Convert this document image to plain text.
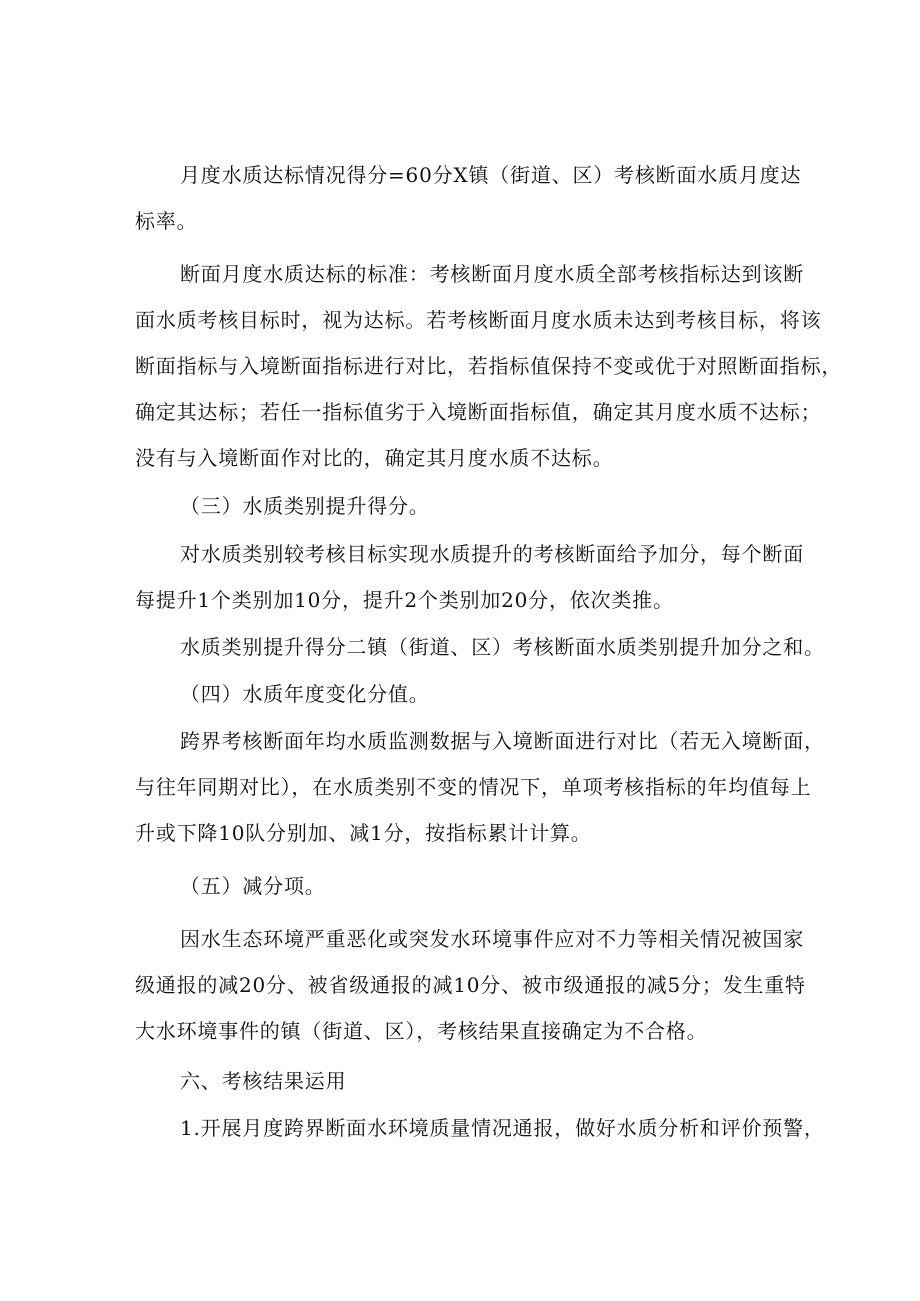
月度水质达标情况得分=60分X镇（街道、区）考核断面水质月度达
标率。
断面月度水质达标的标准：考核断面月度水质全部考核指标达到该断
面水质考核目标时，视为达标。若考核断面月度水质未达到考核目标，将该
断面指标与入境断面指标进行对比，若指标值保持不变或优于对照断面指标，
确定其达标；若任一指标值劣于入境断面指标值，确定其月度水质不达标；
没有与入境断面作对比的，确定其月度水质不达标。
（三）水质类别提升得分。
对水质类别较考核目标实现水质提升的考核断面给予加分，每个断面
每提升1个类别加10分，提升2个类别加20分，依次类推。
水质类别提升得分二镇（街道、区）考核断面水质类别提升加分之和。
（四）水质年度变化分值。
跨界考核断面年均水质监测数据与入境断面进行对比（若无入境断面，
与往年同期对比），在水质类别不变的情况下，单项考核指标的年均值每上
升或下降10队分别加、减1分，按指标累计计算。
（五）减分项。
因水生态环境严重恶化或突发水环境事件应对不力等相关情况被国家
级通报的减20分、被省级通报的减10分、被市级通报的减5分；发生重特
大水环境事件的镇（街道、区），考核结果直接确定为不合格。
六、考核结果运用
1.开展月度跨界断面水环境质量情况通报，做好水质分析和评价预警，
